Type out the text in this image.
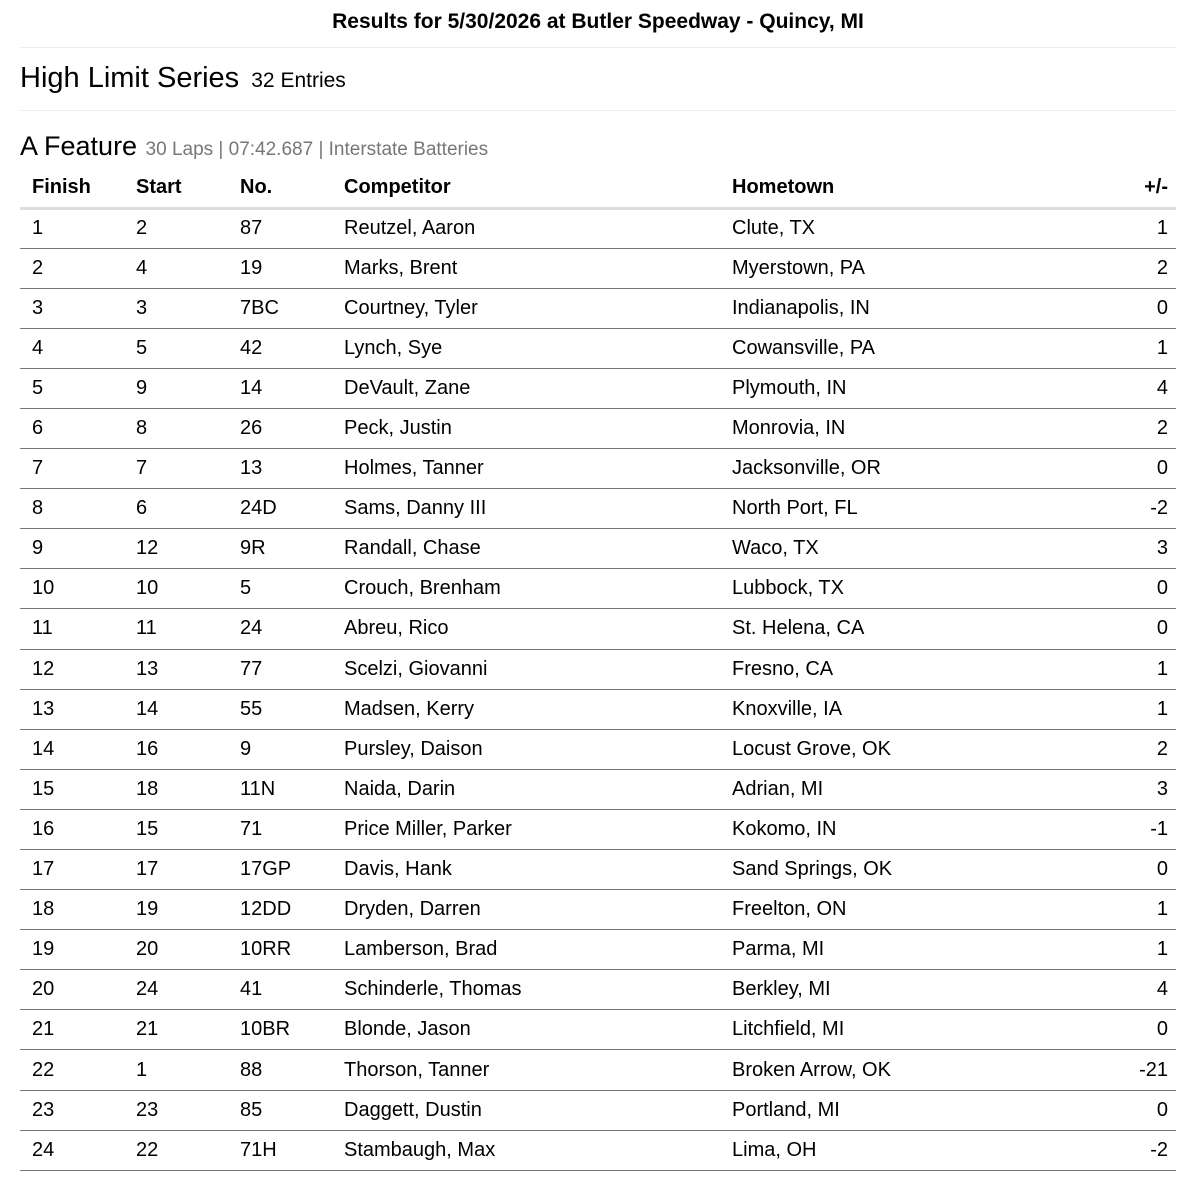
Results for 5/30/2026 at Butler Speedway - Quincy, MI
High Limit Series 32 Entries
A Feature 30 Laps | 07:42.687 | Interstate Batteries
Finish	Start	No.	Competitor	Hometown	+/-
1	2	87	Reutzel, Aaron	Clute, TX	1
2	4	19	Marks, Brent	Myerstown, PA	2
3	3	7BC	Courtney, Tyler	Indianapolis, IN	0
4	5	42	Lynch, Sye	Cowansville, PA	1
5	9	14	DeVault, Zane	Plymouth, IN	4
6	8	26	Peck, Justin	Monrovia, IN	2
7	7	13	Holmes, Tanner	Jacksonville, OR	0
8	6	24D	Sams, Danny III	North Port, FL	-2
9	12	9R	Randall, Chase	Waco, TX	3
10	10	5	Crouch, Brenham	Lubbock, TX	0
11	11	24	Abreu, Rico	St. Helena, CA	0
12	13	77	Scelzi, Giovanni	Fresno, CA	1
13	14	55	Madsen, Kerry	Knoxville, IA	1
14	16	9	Pursley, Daison	Locust Grove, OK	2
15	18	11N	Naida, Darin	Adrian, MI	3
16	15	71	Price Miller, Parker	Kokomo, IN	-1
17	17	17GP	Davis, Hank	Sand Springs, OK	0
18	19	12DD	Dryden, Darren	Freelton, ON	1
19	20	10RR	Lamberson, Brad	Parma, MI	1
20	24	41	Schinderle, Thomas	Berkley, MI	4
21	21	10BR	Blonde, Jason	Litchfield, MI	0
22	1	88	Thorson, Tanner	Broken Arrow, OK	-21
23	23	85	Daggett, Dustin	Portland, MI	0
24	22	71H	Stambaugh, Max	Lima, OH	-2
